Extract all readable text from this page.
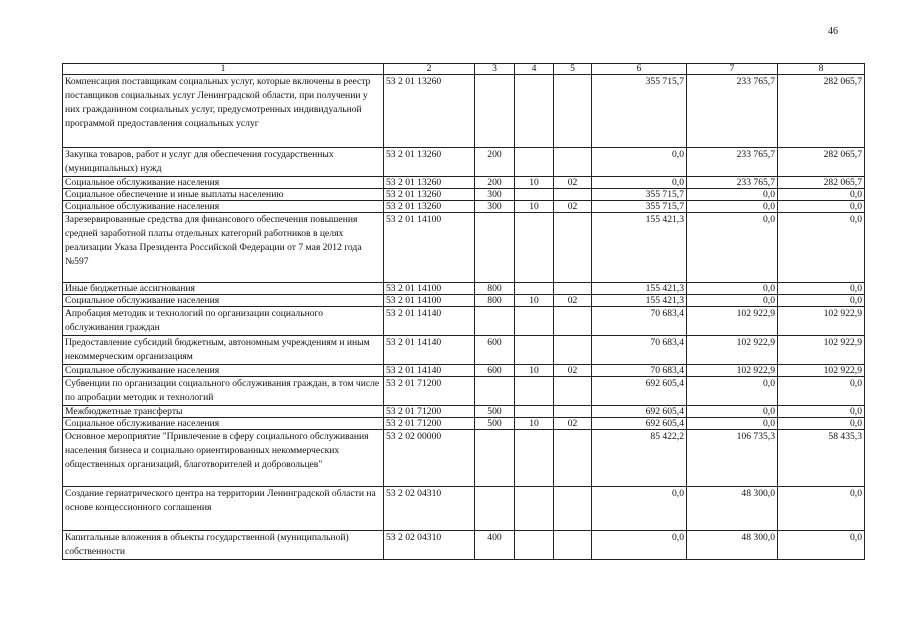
46
1	2	3	4	5	6	7	8
Компенсация поставщикам социальных услуг, которые включены в реестр поставщиков социальных услуг Ленинградской области, при получении у них гражданином социальных услуг, предусмотренных индивидуальной программой предоставления социальных услуг	53 2 01 13260				355 715,7	233 765,7	282 065,7
Закупка товаров, работ и услуг для обеспечения государственных (муниципальных) нужд	53 2 01 13260	200			0,0	233 765,7	282 065,7
Социальное обслуживание населения	53 2 01 13260	200	10	02	0,0	233 765,7	282 065,7
Социальное обеспечение и иные выплаты населению	53 2 01 13260	300			355 715,7	0,0	0,0
Социальное обслуживание населения	53 2 01 13260	300	10	02	355 715,7	0,0	0,0
Зарезервированные средства для финансового обеспечения повышения средней заработной платы отдельных категорий работников в целях реализации Указа Президента Российской Федерации от 7 мая 2012 года №597	53 2 01 14100				155 421,3	0,0	0,0
Иные бюджетные ассигнования	53 2 01 14100	800			155 421,3	0,0	0,0
Социальное обслуживание населения	53 2 01 14100	800	10	02	155 421,3	0,0	0,0
Апробация методик и технологий по организации социального обслуживания граждан	53 2 01 14140				70 683,4	102 922,9	102 922,9
Предоставление субсидий бюджетным, автономным учреждениям и иным некоммерческим организациям	53 2 01 14140	600			70 683,4	102 922,9	102 922,9
Социальное обслуживание населения	53 2 01 14140	600	10	02	70 683,4	102 922,9	102 922,9
Субвенции по организации социального обслуживания граждан, в том числе по апробации методик и технологий	53 2 01 71200				692 605,4	0,0	0,0
Межбюджетные трансферты	53 2 01 71200	500			692 605,4	0,0	0,0
Социальное обслуживание населения	53 2 01 71200	500	10	02	692 605,4	0,0	0,0
Основное мероприятие "Привлечение в сферу социального обслуживания населения бизнеса и социально ориентированных некоммерческих общественных организаций, благотворителей и добровольцев"	53 2 02 00000				85 422,2	106 735,3	58 435,3
Создание гериатрического центра на территории Ленинградской области на основе концессионного соглашения	53 2 02 04310				0,0	48 300,0	0,0
Капитальные вложения в объекты государственной (муниципальной) собственности	53 2 02 04310	400			0,0	48 300,0	0,0
